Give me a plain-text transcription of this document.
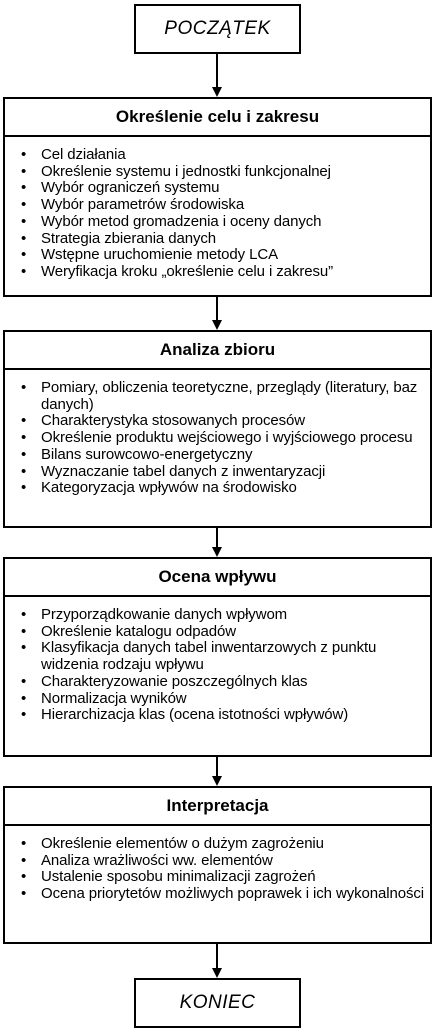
POCZĄTEK
Określenie celu i zakresu
• Cel działania
• Określenie systemu i jednostki funkcjonalnej
• Wybór ograniczeń systemu
• Wybór parametrów środowiska
• Wybór metod gromadzenia i oceny danych
• Strategia zbierania danych
• Wstępne uruchomienie metody LCA
• Weryfikacja kroku „określenie celu i zakresu”
Analiza zbioru
• Pomiary, obliczenia teoretyczne, przeglądy (literatury, baz danych)
• Charakterystyka stosowanych procesów
• Określenie produktu wejściowego i wyjściowego procesu
• Bilans surowcowo-energetyczny
• Wyznaczanie tabel danych z inwentaryzacji
• Kategoryzacja wpływów na środowisko
Ocena wpływu
• Przyporządkowanie danych wpływom
• Określenie katalogu odpadów
• Klasyfikacja danych tabel inwentarzowych z punktu widzenia rodzaju wpływu
• Charakteryzowanie poszczególnych klas
• Normalizacja wyników
• Hierarchizacja klas (ocena istotności wpływów)
Interpretacja
• Określenie elementów o dużym zagrożeniu
• Analiza wrażliwości ww. elementów
• Ustalenie sposobu minimalizacji zagrożeń
• Ocena priorytetów możliwych poprawek i ich wykonalności
KONIEC
